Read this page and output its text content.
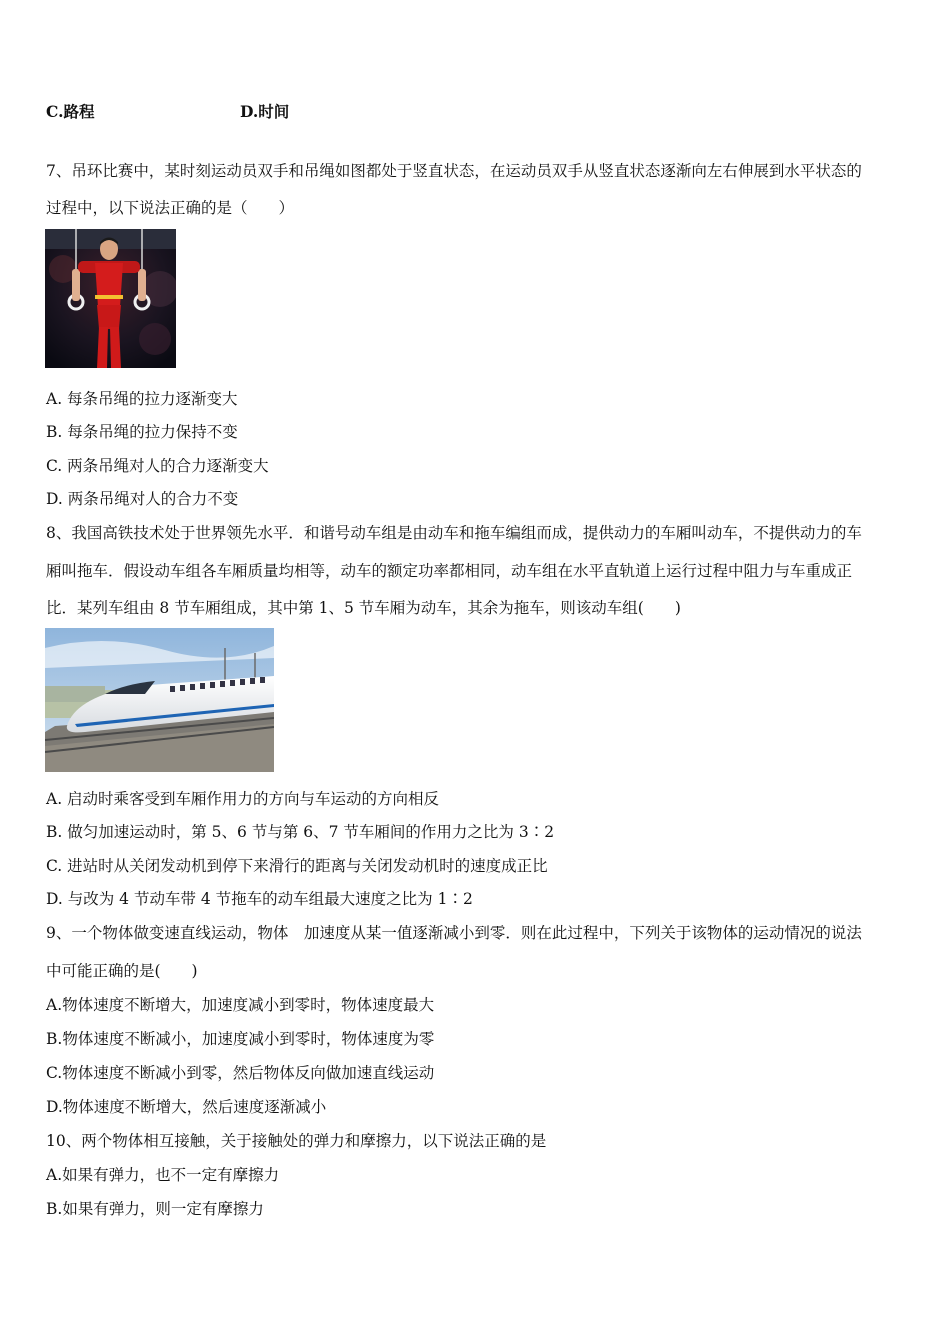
C.路程	D.时间
7、吊环比赛中，某时刻运动员双手和吊绳如图都处于竖直状态，在运动员双手从竖直状态逐渐向左右伸展到水平状态的
过程中，以下说法正确的是（　　）
A. 每条吊绳的拉力逐渐变大
B. 每条吊绳的拉力保持不变
C. 两条吊绳对人的合力逐渐变大
D. 两条吊绳对人的合力不变
8、我国高铁技术处于世界领先水平．和谐号动车组是由动车和拖车编组而成，提供动力的车厢叫动车，不提供动力的车
厢叫拖车．假设动车组各车厢质量均相等，动车的额定功率都相同，动车组在水平直轨道上运行过程中阻力与车重成正
比．某列车组由 8 节车厢组成，其中第 1、5 节车厢为动车，其余为拖车，则该动车组(　　)
A. 启动时乘客受到车厢作用力的方向与车运动的方向相反
B. 做匀加速运动时，第 5、6 节与第 6、7 节车厢间的作用力之比为 3∶2
C. 进站时从关闭发动机到停下来滑行的距离与关闭发动机时的速度成正比
D. 与改为 4 节动车带 4 节拖车的动车组最大速度之比为 1∶2
9、一个物体做变速直线运动，物体　加速度从某一值逐渐减小到零．则在此过程中，下列关于该物体的运动情况的说法
中可能正确的是(　　)
A.物体速度不断增大，加速度减小到零时，物体速度最大
B.物体速度不断减小，加速度减小到零时，物体速度为零
C.物体速度不断减小到零，然后物体反向做加速直线运动
D.物体速度不断增大，然后速度逐渐减小
10、两个物体相互接触，关于接触处的弹力和摩擦力，以下说法正确的是
A.如果有弹力，也不一定有摩擦力
B.如果有弹力，则一定有摩擦力
